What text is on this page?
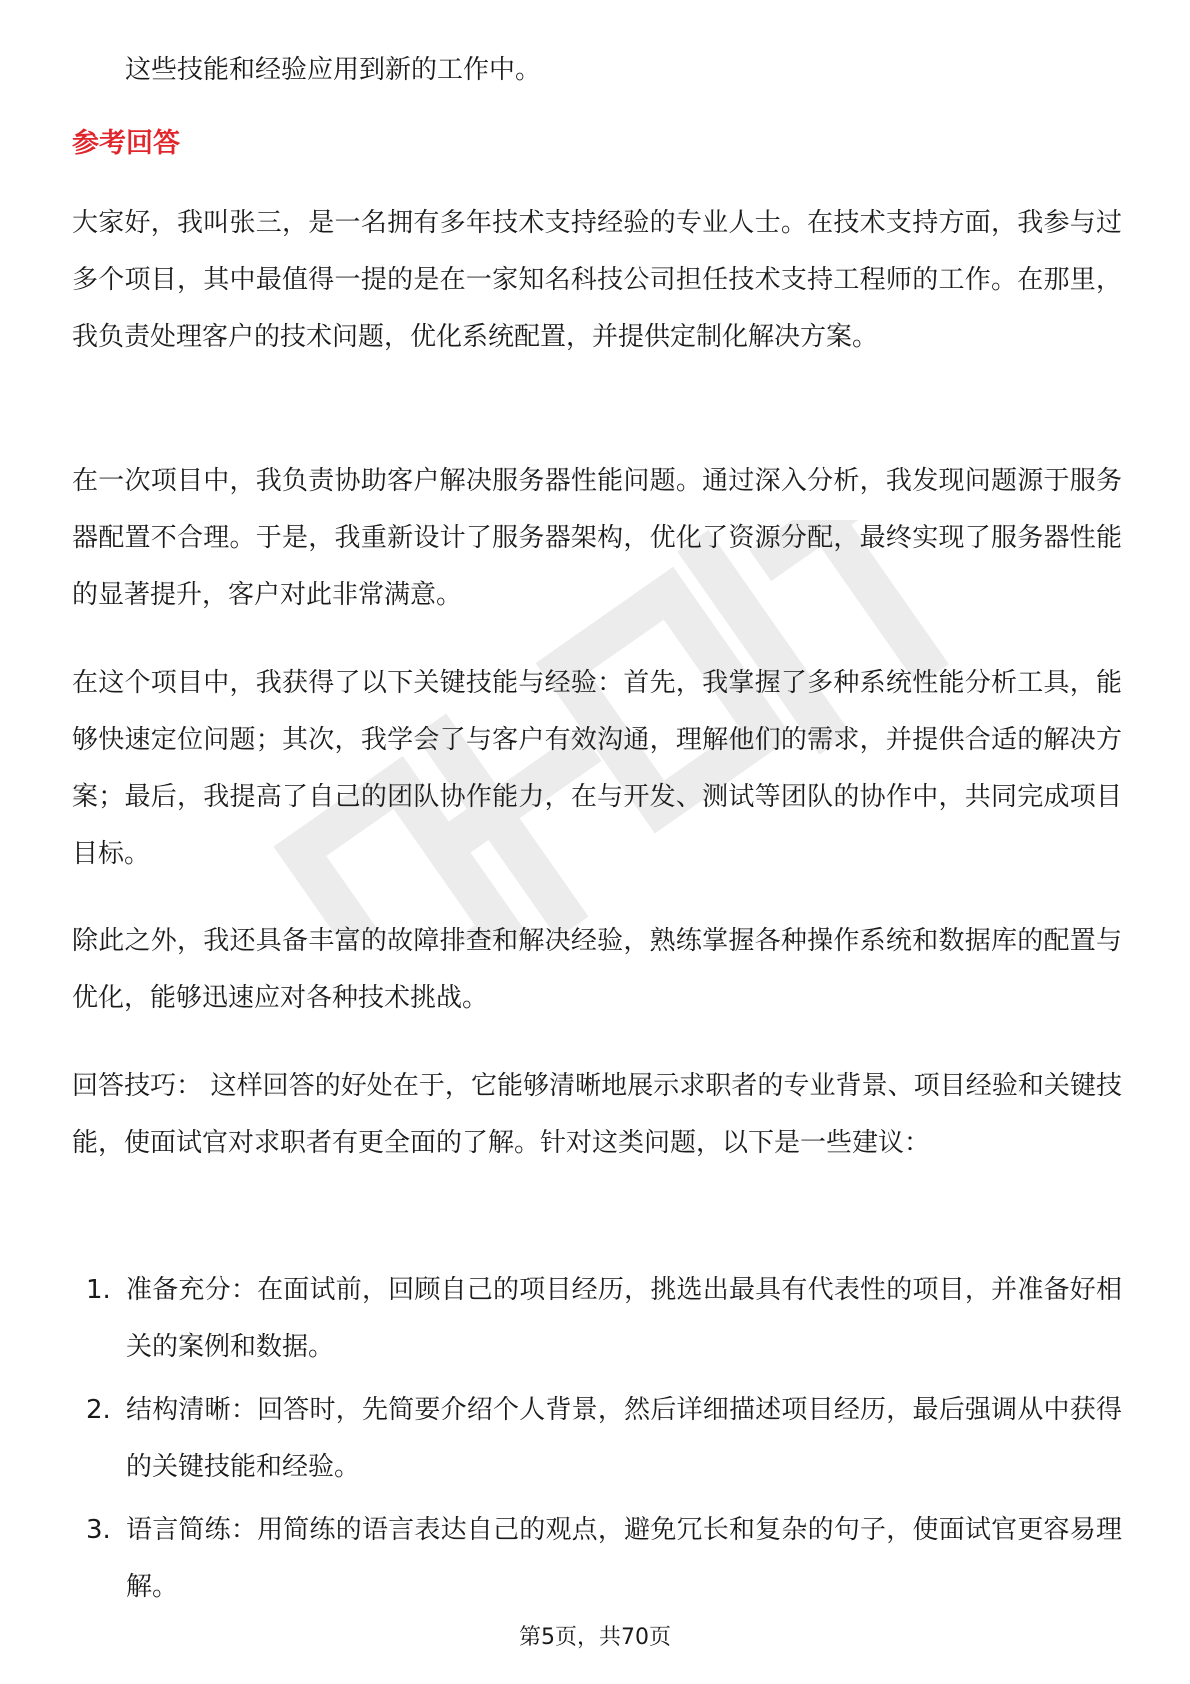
这些技能和经验应用到新的工作中。

参考回答

大家好，我叫张三，是一名拥有多年技术支持经验的专业人士。在技术支持方面，我参与过多个项目，其中最值得一提的是在一家知名科技公司担任技术支持工程师的工作。在那里，我负责处理客户的技术问题，优化系统配置，并提供定制化解决方案。

在一次项目中，我负责协助客户解决服务器性能问题。通过深入分析，我发现问题源于服务器配置不合理。于是，我重新设计了服务器架构，优化了资源分配，最终实现了服务器性能的显著提升，客户对此非常满意。

在这个项目中，我获得了以下关键技能与经验：首先，我掌握了多种系统性能分析工具，能够快速定位问题；其次，我学会了与客户有效沟通，理解他们的需求，并提供合适的解决方案；最后，我提高了自己的团队协作能力，在与开发、测试等团队的协作中，共同完成项目目标。

除此之外，我还具备丰富的故障排查和解决经验，熟练掌握各种操作系统和数据库的配置与优化，能够迅速应对各种技术挑战。

回答技巧： 这样回答的好处在于，它能够清晰地展示求职者的专业背景、项目经验和关键技能，使面试官对求职者有更全面的了解。针对这类问题，以下是一些建议：

1. 准备充分：在面试前，回顾自己的项目经历，挑选出最具有代表性的项目，并准备好相关的案例和数据。
2. 结构清晰：回答时，先简要介绍个人背景，然后详细描述项目经历，最后强调从中获得的关键技能和经验。
3. 语言简练：用简练的语言表达自己的观点，避免冗长和复杂的句子，使面试官更容易理解。
第5页，共70页
